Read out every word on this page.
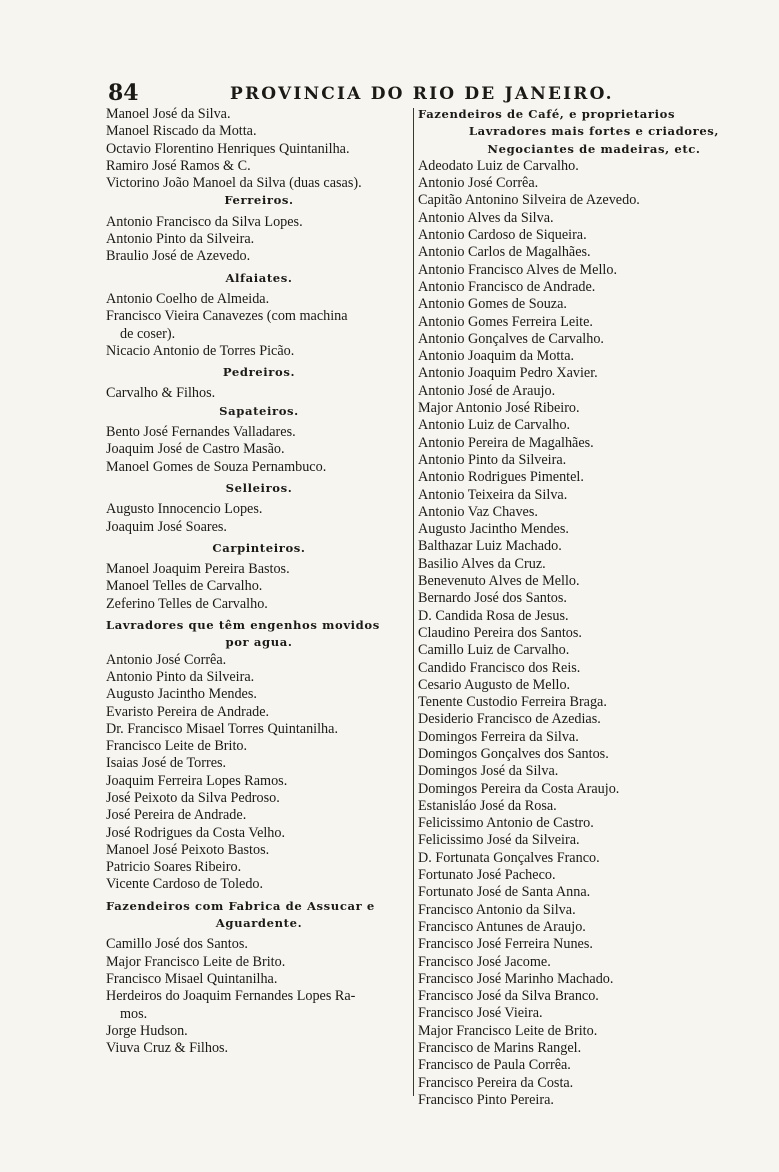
84	PROVINCIA DO RIO DE JANEIRO.
Manoel José da Silva.
Manoel Riscado da Motta.
Octavio Florentino Henriques Quintanilha.
Ramiro José Ramos & C.
Victorino João Manoel da Silva (duas casas).
Ferreiros.
Antonio Francisco da Silva Lopes.
Antonio Pinto da Silveira.
Braulio José de Azevedo.
Alfaiates.
Antonio Coelho de Almeida.
Francisco Vieira Canavezes (com machina
de coser).
Nicacio Antonio de Torres Picão.
Pedreiros.
Carvalho & Filhos.
Sapateiros.
Bento José Fernandes Valladares.
Joaquim José de Castro Masão.
Manoel Gomes de Souza Pernambuco.
Selleiros.
Augusto Innocencio Lopes.
Joaquim José Soares.
Carpinteiros.
Manoel Joaquim Pereira Bastos.
Manoel Telles de Carvalho.
Zeferino Telles de Carvalho.
Lavradores que têm engenhos movidos
por agua.
Antonio José Corrêa.
Antonio Pinto da Silveira.
Augusto Jacintho Mendes.
Evaristo Pereira de Andrade.
Dr. Francisco Misael Torres Quintanilha.
Francisco Leite de Brito.
Isaias José de Torres.
Joaquim Ferreira Lopes Ramos.
José Peixoto da Silva Pedroso.
José Pereira de Andrade.
José Rodrigues da Costa Velho.
Manoel José Peixoto Bastos.
Patricio Soares Ribeiro.
Vicente Cardoso de Toledo.
Fazendeiros com Fabrica de Assucar e
Aguardente.
Camillo José dos Santos.
Major Francisco Leite de Brito.
Francisco Misael Quintanilha.
Herdeiros do Joaquim Fernandes Lopes Ra-
mos.
Jorge Hudson.
Viuva Cruz & Filhos.
Fazendeiros de Café, e proprietarios
Lavradores mais fortes e criadores,
Negociantes de madeiras, etc.
Adeodato Luiz de Carvalho.
Antonio José Corrêa.
Capitão Antonino Silveira de Azevedo.
Antonio Alves da Silva.
Antonio Cardoso de Siqueira.
Antonio Carlos de Magalhães.
Antonio Francisco Alves de Mello.
Antonio Francisco de Andrade.
Antonio Gomes de Souza.
Antonio Gomes Ferreira Leite.
Antonio Gonçalves de Carvalho.
Antonio Joaquim da Motta.
Antonio Joaquim Pedro Xavier.
Antonio José de Araujo.
Major Antonio José Ribeiro.
Antonio Luiz de Carvalho.
Antonio Pereira de Magalhães.
Antonio Pinto da Silveira.
Antonio Rodrigues Pimentel.
Antonio Teixeira da Silva.
Antonio Vaz Chaves.
Augusto Jacintho Mendes.
Balthazar Luiz Machado.
Basilio Alves da Cruz.
Benevenuto Alves de Mello.
Bernardo José dos Santos.
D. Candida Rosa de Jesus.
Claudino Pereira dos Santos.
Camillo Luiz de Carvalho.
Candido Francisco dos Reis.
Cesario Augusto de Mello.
Tenente Custodio Ferreira Braga.
Desiderio Francisco de Azedias.
Domingos Ferreira da Silva.
Domingos Gonçalves dos Santos.
Domingos José da Silva.
Domingos Pereira da Costa Araujo.
Estanisláo José da Rosa.
Felicissimo Antonio de Castro.
Felicissimo José da Silveira.
D. Fortunata Gonçalves Franco.
Fortunato José Pacheco.
Fortunato José de Santa Anna.
Francisco Antonio da Silva.
Francisco Antunes de Araujo.
Francisco José Ferreira Nunes.
Francisco José Jacome.
Francisco José Marinho Machado.
Francisco José da Silva Branco.
Francisco José Vieira.
Major Francisco Leite de Brito.
Francisco de Marins Rangel.
Francisco de Paula Corrêa.
Francisco Pereira da Costa.
Francisco Pinto Pereira.
